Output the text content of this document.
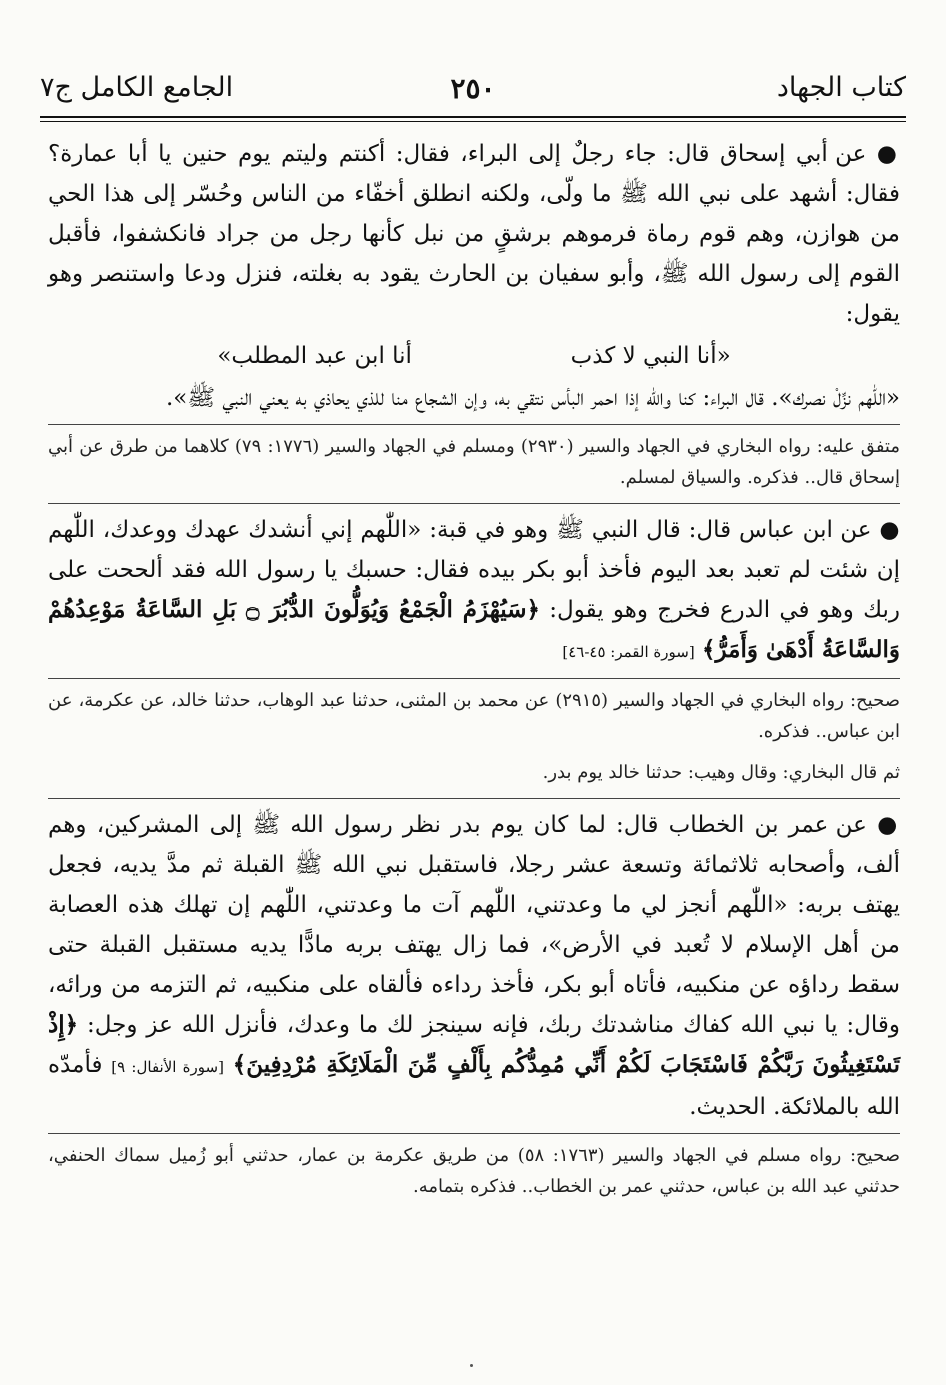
كتاب الجهاد
٢٥٠
الجامع الكامل ج٧

● عن أبي إسحاق قال: جاء رجلٌ إلى البراء، فقال: أكنتم وليتم يوم حنين يا أبا عمارة؟ فقال: أشهد على نبي الله ﷺ ما ولّى، ولكنه انطلق أخفّاء من الناس وحُسّر إلى هذا الحي من هوازن، وهم قوم رماة فرموهم برشقٍ من نبل كأنها رجل من جراد فانكشفوا، فأقبل القوم إلى رسول الله ﷺ، وأبو سفيان بن الحارث يقود به بغلته، فنزل ودعا واستنصر وهو يقول:

«أنا النبي لا كذب
أنا ابن عبد المطلب»

«اللّٰهم نزِّلْ نصرك». قال البراء: كنا والله إذا احمر البأس نتقي به، وإن الشجاع منا للذي يحاذي به يعني النبي ﷺ».

متفق عليه: رواه البخاري في الجهاد والسير (٢٩٣٠) ومسلم في الجهاد والسير (١٧٧٦: ٧٩) كلاهما من طرق عن أبي إسحاق قال.. فذكره. والسياق لمسلم.

● عن ابن عباس قال: قال النبي ﷺ وهو في قبة: «اللّٰهم إني أنشدك عهدك ووعدك، اللّٰهم إن شئت لم تعبد بعد اليوم فأخذ أبو بكر بيده فقال: حسبك يا رسول الله فقد ألححت على ربك وهو في الدرع فخرج وهو يقول: ﴿سَيُهْزَمُ الْجَمْعُ وَيُوَلُّونَ الدُّبُرَ ۝ بَلِ السَّاعَةُ مَوْعِدُهُمْ وَالسَّاعَةُ أَدْهَىٰ وَأَمَرُّ﴾ [سورة القمر: ٤٥-٤٦]

صحيح: رواه البخاري في الجهاد والسير (٢٩١٥) عن محمد بن المثنى، حدثنا عبد الوهاب، حدثنا خالد، عن عكرمة، عن ابن عباس.. فذكره.

ثم قال البخاري: وقال وهيب: حدثنا خالد يوم بدر.

● عن عمر بن الخطاب قال: لما كان يوم بدر نظر رسول الله ﷺ إلى المشركين، وهم ألف، وأصحابه ثلاثمائة وتسعة عشر رجلا، فاستقبل نبي الله ﷺ القبلة ثم مدَّ يديه، فجعل يهتف بربه: «اللّٰهم أنجز لي ما وعدتني، اللّٰهم آت ما وعدتني، اللّٰهم إن تهلك هذه العصابة من أهل الإسلام لا تُعبد في الأرض»، فما زال يهتف بربه مادًّا يديه مستقبل القبلة حتى سقط رداؤه عن منكبيه، فأتاه أبو بكر، فأخذ رداءه فألقاه على منكبيه، ثم التزمه من ورائه، وقال: يا نبي الله كفاك مناشدتك ربك، فإنه سينجز لك ما وعدك، فأنزل الله عز وجل: ﴿إِذْ تَسْتَغِيثُونَ رَبَّكُمْ فَاسْتَجَابَ لَكُمْ أَنِّي مُمِدُّكُم بِأَلْفٍ مِّنَ الْمَلَائِكَةِ مُرْدِفِينَ﴾ [سورة الأنفال: ٩] فأمدّه الله بالملائكة. الحديث.

صحيح: رواه مسلم في الجهاد والسير (١٧٦٣: ٥٨) من طريق عكرمة بن عمار، حدثني أبو زُميل سماك الحنفي، حدثني عبد الله بن عباس، حدثني عمر بن الخطاب.. فذكره بتمامه.
